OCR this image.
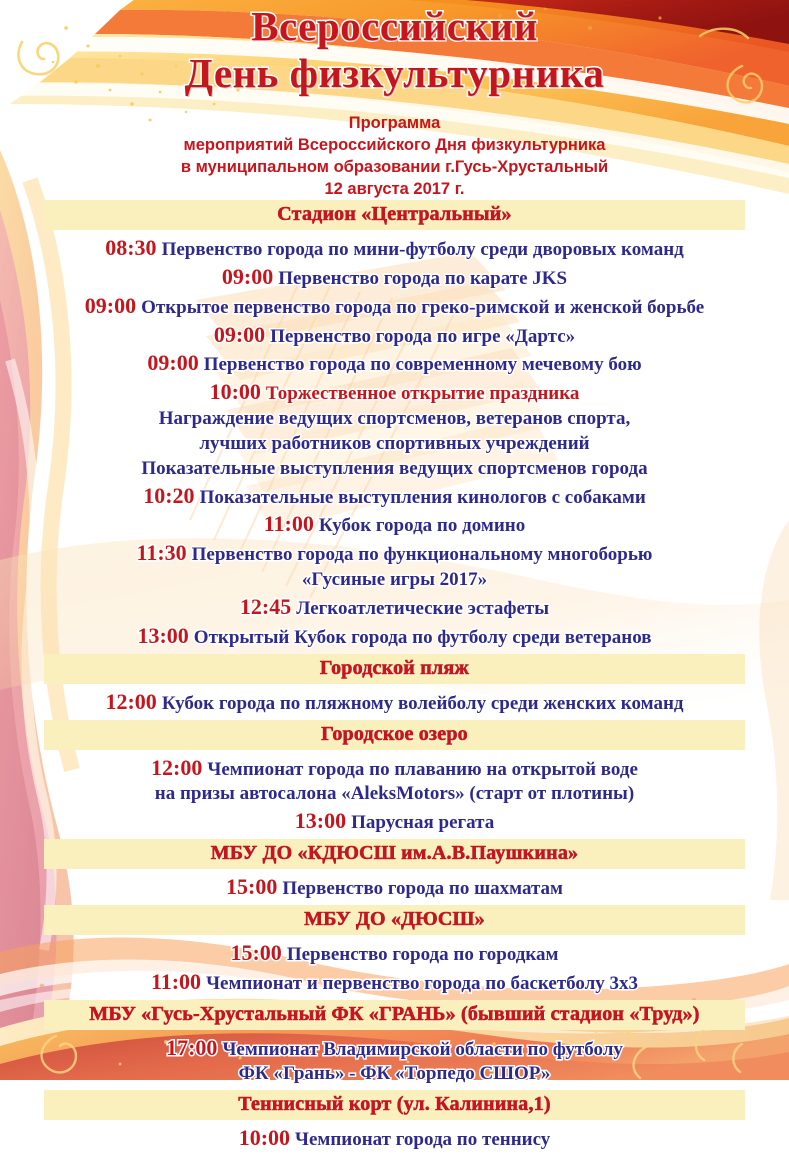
Всероссийский
День физкультурника
Программа
мероприятий Всероссийского Дня физкультурника
в муниципальном образовании г.Гусь-Хрустальный
12 августа 2017 г.
Стадион «Центральный»
08:30 Первенство города по мини-футболу среди дворовых команд
09:00 Первенство города по карате JKS
09:00 Открытое первенство города по греко-римской и женской борьбе
09:00 Первенство города по игре «Дартс»
09:00 Первенство города по современному мечевому бою
10:00 Торжественное открытие праздника
Награждение ведущих спортсменов, ветеранов спорта,
лучших работников спортивных учреждений
Показательные выступления ведущих спортсменов города
10:20 Показательные выступления кинологов с собаками
11:00 Кубок города по домино
11:30 Первенство города по функциональному многоборью
«Гусиные игры 2017»
12:45 Легкоатлетические эстафеты
13:00 Открытый Кубок города по футболу среди ветеранов
Городской пляж
12:00 Кубок города по пляжному волейболу среди женских команд
Городское озеро
12:00 Чемпионат города по плаванию на открытой воде
на призы автосалона «AleksMotors» (старт от плотины)
13:00 Парусная регата
МБУ ДО «КДЮСШ им.А.В.Паушкина»
15:00 Первенство города по шахматам
МБУ ДО «ДЮСШ»
15:00 Первенство города по городкам
11:00 Чемпионат и первенство города по баскетболу 3х3
МБУ «Гусь-Хрустальный ФК «ГРАНЬ» (бывший стадион «Труд»)
17:00 Чемпионат Владимирской области по футболу
ФК «Грань» - ФК «Торпедо СШОР»
Теннисный корт (ул. Калинина,1)
10:00 Чемпионат города по теннису
